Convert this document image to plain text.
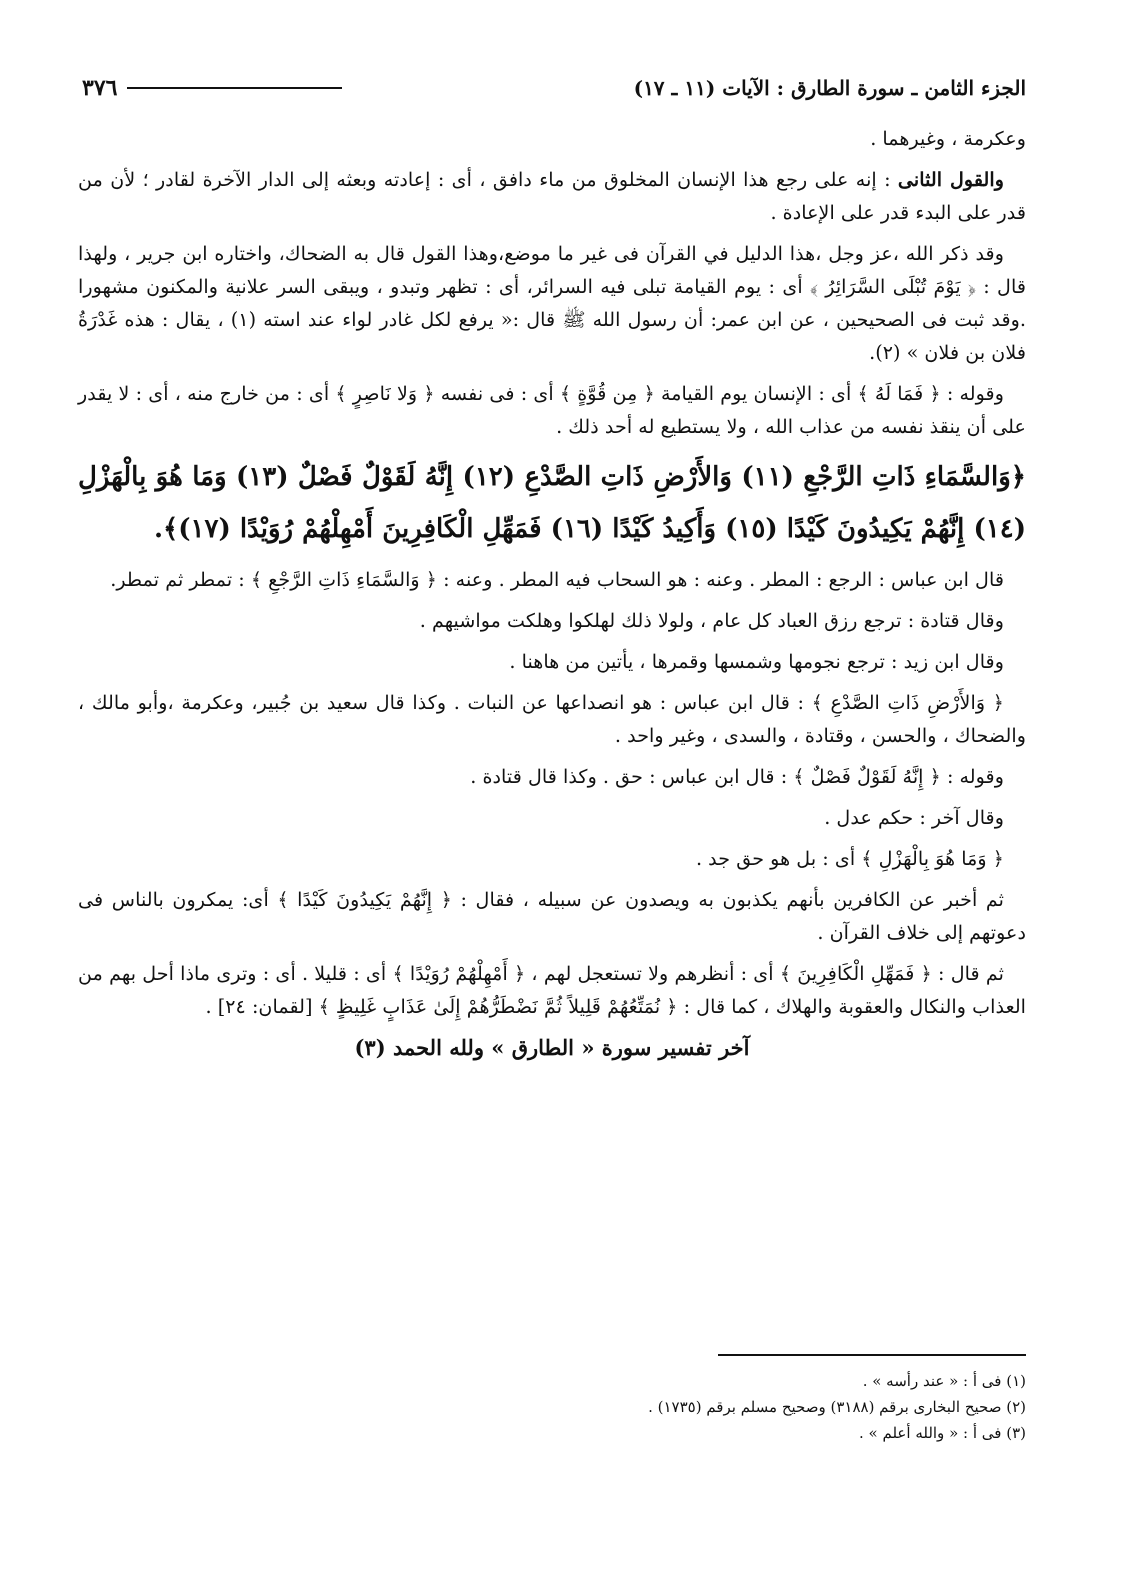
الجزء الثامن ـ سورة الطارق : الآيات (١١ ـ ١٧)
٣٧٦

وعكرمة ، وغيرهما .

والقول الثانى : إنه على رجع هذا الإنسان المخلوق من ماء دافق ، أى : إعادته وبعثه إلى الدار الآخرة لقادر ؛ لأن من قدر على البدء قدر على الإعادة .

وقد ذكر الله ،عز وجل ،هذا الدليل في القرآن فى غير ما موضع،وهذا القول قال به الضحاك، واختاره ابن جرير ، ولهذا قال : ﴿ يَوْمَ تُبْلَى السَّرَائِرُ ﴾ أى : يوم القيامة تبلى فيه السرائر، أى : تظهر وتبدو ، ويبقى السر علانية والمكنون مشهورا .وقد ثبت فى الصحيحين ، عن ابن عمر: أن رسول الله ﷺ قال :« يرفع لكل غادر لواء عند استه (١) ، يقال : هذه غَدْرَةُ فلان بن فلان » (٢).

وقوله : ﴿ فَمَا لَهُ ﴾ أى : الإنسان يوم القيامة ﴿ مِن قُوَّةٍ ﴾ أى : فى نفسه ﴿ وَلا نَاصِرٍ ﴾ أى : من خارج منه ، أى : لا يقدر على أن ينقذ نفسه من عذاب الله ، ولا يستطيع له أحد ذلك .

﴿وَالسَّمَاءِ ذَاتِ الرَّجْعِ (١١) وَالأَرْضِ ذَاتِ الصَّدْعِ (١٢) إِنَّهُ لَقَوْلٌ فَصْلٌ (١٣) وَمَا هُوَ بِالْهَزْلِ (١٤) إِنَّهُمْ يَكِيدُونَ كَيْدًا (١٥) وَأَكِيدُ كَيْدًا (١٦) فَمَهِّلِ الْكَافِرِينَ أَمْهِلْهُمْ رُوَيْدًا (١٧)﴾.

قال ابن عباس : الرجع : المطر . وعنه : هو السحاب فيه المطر . وعنه : ﴿ وَالسَّمَاءِ ذَاتِ الرَّجْعِ ﴾ : تمطر ثم تمطر.

وقال قتادة : ترجع رزق العباد كل عام ، ولولا ذلك لهلكوا وهلكت مواشيهم .

وقال ابن زيد : ترجع نجومها وشمسها وقمرها ، يأتين من هاهنا .

﴿ وَالأَرْضِ ذَاتِ الصَّدْعِ ﴾ : قال ابن عباس : هو انصداعها عن النبات . وكذا قال سعيد بن جُبير، وعكرمة ،وأبو مالك ، والضحاك ، والحسن ، وقتادة ، والسدى ، وغير واحد .

وقوله : ﴿ إِنَّهُ لَقَوْلٌ فَصْلٌ ﴾ : قال ابن عباس : حق . وكذا قال قتادة .

وقال آخر : حكم عدل .

﴿ وَمَا هُوَ بِالْهَزْلِ ﴾ أى : بل هو حق جد .

ثم أخبر عن الكافرين بأنهم يكذبون به ويصدون عن سبيله ، فقال : ﴿ إِنَّهُمْ يَكِيدُونَ كَيْدًا ﴾ أى: يمكرون بالناس فى دعوتهم إلى خلاف القرآن .

ثم قال : ﴿ فَمَهِّلِ الْكَافِرِينَ ﴾ أى : أنظرهم ولا تستعجل لهم ، ﴿ أَمْهِلْهُمْ رُوَيْدًا ﴾ أى : قليلا . أى : وترى ماذا أحل بهم من العذاب والنكال والعقوبة والهلاك ، كما قال : ﴿ نُمَتِّعُهُمْ قَلِيلاً ثُمَّ نَضْطَرُّهُمْ إِلَىٰ عَذَابٍ غَلِيظٍ ﴾ [لقمان: ٢٤] .

آخر تفسير سورة « الطارق » ولله الحمد (٣)

(١) فى أ : « عند رأسه » .
(٢) صحيح البخارى برقم (٣١٨٨) وصحيح مسلم برقم (١٧٣٥) .
(٣) فى أ : « والله أعلم » .
